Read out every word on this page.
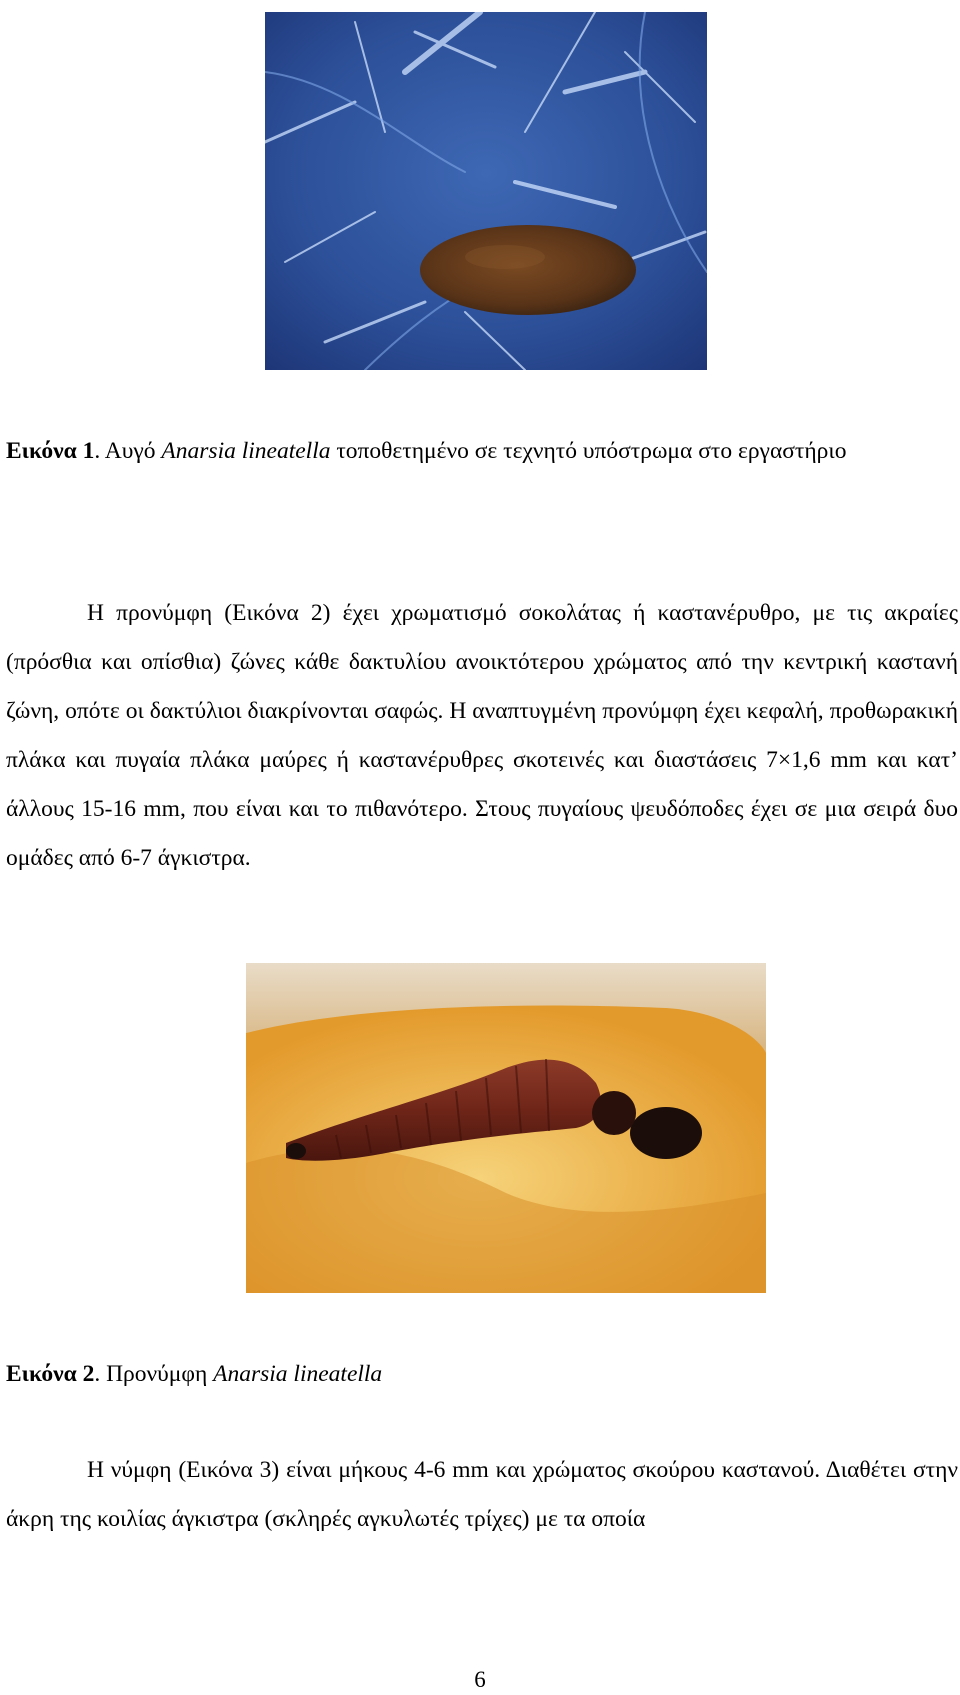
Εικόνα 1. Αυγό Anarsia lineatella τοποθετημένο σε τεχνητό υπόστρωμα στο εργαστήριο

Η προνύμφη (Εικόνα 2) έχει χρωματισμό σοκολάτας ή καστανέρυθρο, με τις ακραίες (πρόσθια και οπίσθια) ζώνες κάθε δακτυλίου ανοικτότερου χρώματος από την κεντρική καστανή ζώνη, οπότε οι δακτύλιοι διακρίνονται σαφώς. Η αναπτυγμένη προνύμφη έχει κεφαλή, προθωρακική πλάκα και πυγαία πλάκα μαύρες ή καστανέρυθρες σκοτεινές και διαστάσεις 7×1,6 mm και κατ’ άλλους 15-16 mm, που είναι και το πιθανότερο. Στους πυγαίους ψευδόποδες έχει σε μια σειρά δυο ομάδες από 6-7 άγκιστρα.

Εικόνα 2. Προνύμφη Anarsia lineatella

Η νύμφη (Εικόνα 3) είναι μήκους 4-6 mm και χρώματος σκούρου καστανού. Διαθέτει στην άκρη της κοιλίας άγκιστρα (σκληρές αγκυλωτές τρίχες) με τα οποία

6
